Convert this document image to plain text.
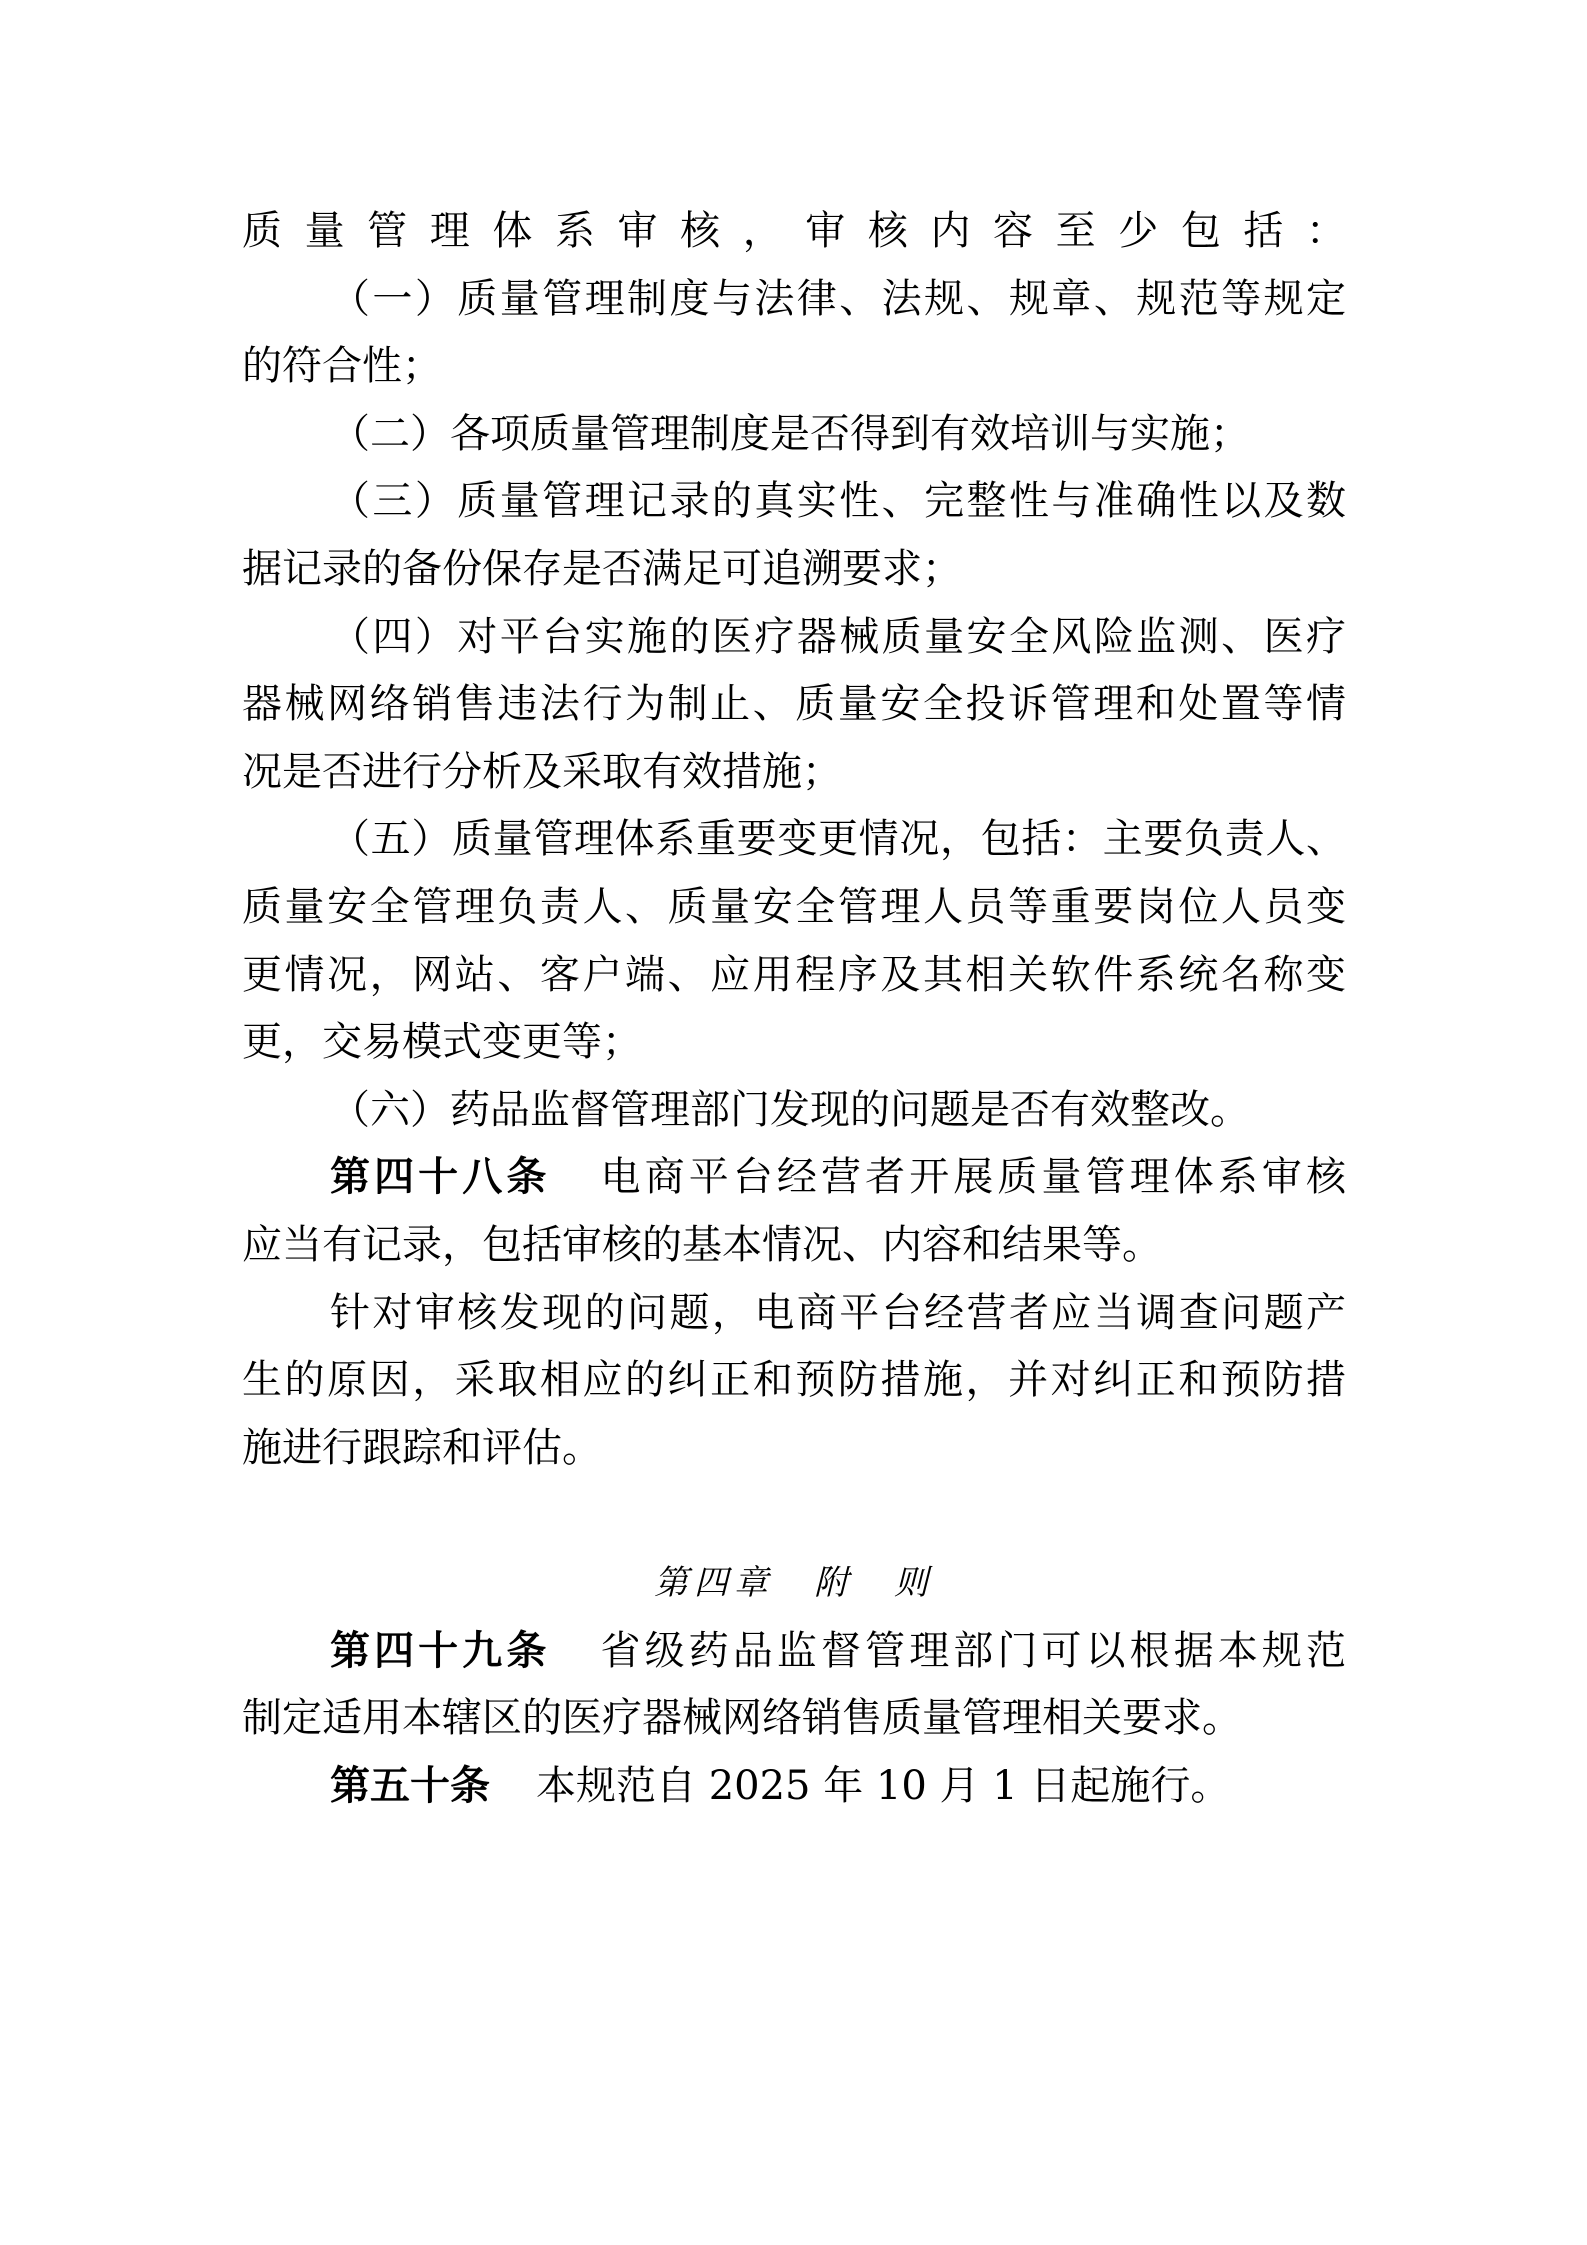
质量管理体系审核，审核内容至少包括：
（一）质量管理制度与法律、法规、规章、规范等规定
的符合性；
（二）各项质量管理制度是否得到有效培训与实施；
（三）质量管理记录的真实性、完整性与准确性以及数
据记录的备份保存是否满足可追溯要求；
（四）对平台实施的医疗器械质量安全风险监测、医疗
器械网络销售违法行为制止、质量安全投诉管理和处置等情
况是否进行分析及采取有效措施；
（五）质量管理体系重要变更情况，包括：主要负责人、
质量安全管理负责人、质量安全管理人员等重要岗位人员变
更情况，网站、客户端、应用程序及其相关软件系统名称变
更，交易模式变更等；
（六）药品监督管理部门发现的问题是否有效整改。
第四十八条 电商平台经营者开展质量管理体系审核
应当有记录，包括审核的基本情况、内容和结果等。
针对审核发现的问题，电商平台经营者应当调查问题产
生的原因，采取相应的纠正和预防措施，并对纠正和预防措
施进行跟踪和评估。
第四章　附　则
第四十九条 省级药品监督管理部门可以根据本规范
制定适用本辖区的医疗器械网络销售质量管理相关要求。
第五十条 本规范自 2025 年 10 月 1 日起施行。
